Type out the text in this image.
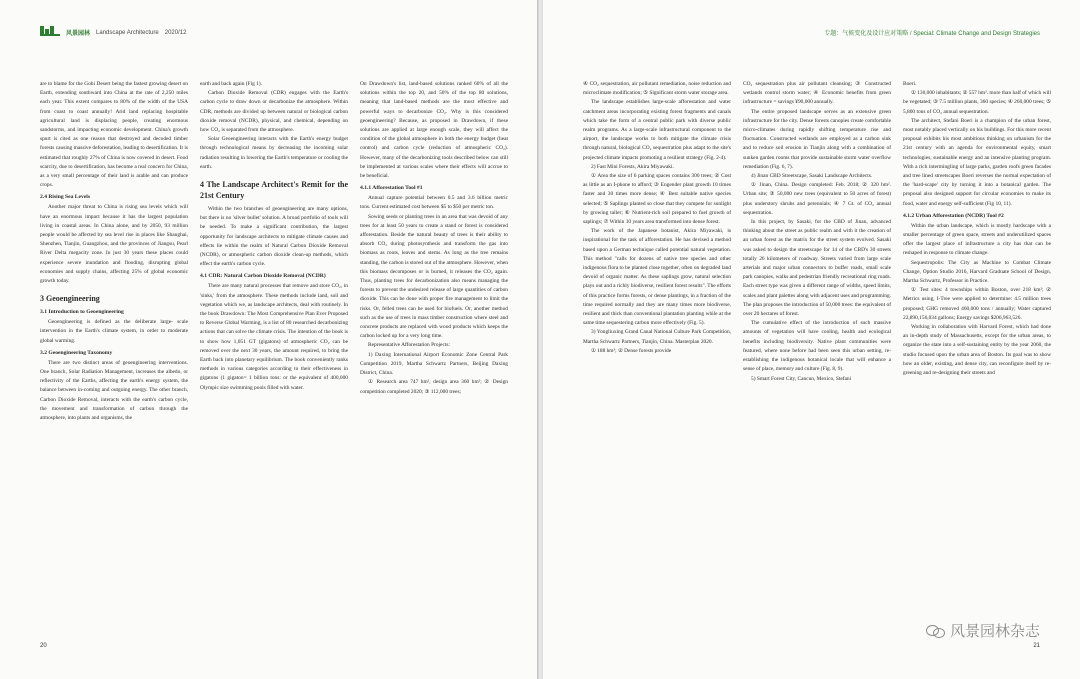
风景园林 Landscape Architecture 2020/12

are to blame for the Gobi Desert being the fastest growing desert on Earth, extending southward into China at the rate of 2,250 miles each year. This extent compares to 80% of the width of the USA from coast to coast annually! Arid land replacing hospitable agricultural land is displacing people, creating enormous sandstorms, and impacting economic development. China's growth spurt is cited as one reason that destroyed and decoded timber forests causing massive deforestation, leading to desertification. It is estimated that roughly 27% of China is now covered in desert. Food scarcity, due to desertification, has become a real concern for China, as a very small percentage of their land is arable and can produce crops.

2.4 Rising Sea Levels

Another major threat to China is rising sea levels which will have an enormous impact because it has the largest population living in coastal areas. In China alone, and by 2050, 93 million people would be affected by sea level rise in places like Shanghai, Shenzhen, Tianjin, Guangzhou, and the provinces of Jiangsu, Pearl River Delta megacity zone. In just 30 years these places could experience severe inundation and flooding, disrupting global economies and supply chains, affecting 25% of global economic growth today.

3 Geoengineering
3.1 Introduction to Geoengineering

Geoengineering is defined as the deliberate large- scale intervention in the Earth's climate system, in order to moderate global warming.

3.2 Geoengineering Taxonomy

There are two distinct areas of geoengineering interventions. One branch, Solar Radiation Management, increases the albedo, or reflectivity of the Earths, affecting the earth's energy system, the balance between in-coming and outgoing energy. The other branch, Carbon Dioxide Removal, interacts with the earth's carbon cycle, the movement and transformation of carbon through the atmosphere, into plants and organisms, the

earth and back again (Fig 1).

Carbon Dioxide Removal (CDR) engages with the Earth's carbon cycle to draw down or decarbonize the atmosphere. Within CDR, methods are divided up between natural or biological carbon dioxide removal (NCDR), physical, and chemical, depending on how CO₂ is separated from the atmosphere.

Solar Geoengineering interacts with the Earth's energy budget through technological means by decreasing the incoming solar radiation resulting in lowering the Earth's temperature or cooling the earth.

4 The Landscape Architect's Remit for the 21st Century

Within the two branches of geoengineering are many options, but there is no 'silver bullet' solution. A broad portfolio of tools will be needed. To make a significant contribution, the largest opportunity for landscape architects to mitigate climate causes and effects lie within the realm of Natural Carbon Dioxide Removal (NCDR), or atmospheric carbon dioxide clean-up methods, which effect the earth's carbon cycle.

4.1 CDR: Natural Carbon Dioxide Removal (NCDR)

There are many natural processes that remove and store CO₂, in 'sinks,' from the atmosphere. These methods include land, soil and vegetation which we, as landscape architects, deal with routinely. In the book Drawdown: The Most Comprehensive Plan Ever Proposed to Reverse Global Warming, is a list of 80 researched decarbonizing actions that can solve the climate crisis. The intention of the book is to show how 1,051 GT (gigatons) of atmospheric CO₂ can be removed over the next 30 years, the amount required, to bring the Earth back into planetary equilibrium. The book conveniently ranks methods in various categories according to their effectiveness in gigatons (1 gigaton= 1 billion tons: or the equivalent of 400,000 Olympic size swimming pools filled with water.

On Drawdown's list, land-based solutions ranked 60% of all the solutions within the top 20, and 50% of the top 80 solutions, meaning that land-based methods are the most effective and powerful ways to decarbonize CO₂. Why is this considered geoengineering? Because, as proposed in Drawdown, if these solutions are applied at large enough scale, they will affect the condition of the global atmosphere in both the energy budget (heat control) and carbon cycle (reduction of atmospheric CO₂). However, many of the decarbonizing tools described below can still be implemented at various scales where their effects will accrue to be beneficial.

4.1.1 Afforestation Tool #1

Annual capture potential between 0.5 and 3.6 billion metric tons. Current estimated cost between $5 to $50 per metric ton.

Sowing seeds or planting trees in an area that was devoid of any trees for at least 50 years to create a stand or forest is considered afforestation. Beside the natural beauty of trees is their ability to absorb CO₂ during photosynthesis and transform the gas into biomass as roots, leaves and stems. As long as the tree remains standing, the carbon is stored out of the atmosphere. However, when this biomass decomposes or is burned, it releases the CO₂ again. Thus, planting trees for decarbonization also means managing the forests to prevent the undesired release of large quantities of carbon dioxide. This can be done with proper fire management to limit the risks. Or, felled trees can be used for biofuels. Or, another method such as the use of trees in mass timber construction where steel and concrete products are replaced with wood products which keeps the carbon locked up for a very long time.

Representative Afforestation Projects:

1) Daxing International Airport Economic Zone Central Park Competition 2019, Martha Schwartz Partners, Beijing Daxing District, China.

① Research area 747 hm², design area 360 hm²; ② Design competition completed 2020; ③ 112,000 trees;

20
专题：气候变化及设计应对策略 / Special: Climate Change and Design Strategies

④ CO₂ sequestration, air pollutant remediation, noise reduction and microclimate modification; ⑤ Significant storm water storage area.

The landscape establishes large-scale afforestation and water catchment areas incorporating existing forest fragments and canals which take the form of a central public park with diverse public realm programs. As a large-scale infrastructural component to the airport, the landscape works to both mitigate the climate crisis through natural, biological CO₂ sequestration plus adapt to the site's projected climate impacts promoting a resilient strategy (Fig. 2-4).

2) Fast Mini Forests, Akira Miyawaki.

① Area the size of 6 parking spaces contains 300 trees; ② Cost as little as an I-phone to afford; ③ Engender plant growth 10 times faster and 30 times more dense; ④ Best suitable native species selected; ⑤ Saplings planted so close that they compete for sunlight by growing taller; ⑥ Nutrient-rich soil prepared to fuel growth of saplings; ⑦ Within 10 years area transformed into dense forest.

The work of the Japanese botanist, Akira Miyawaki, is inspirational for the task of afforestation. He has devised a method based upon a German technique called potential natural vegetation. This method "calls for dozens of native tree species and other indigenous flora to be planted close together, often on degraded land devoid of organic matter. As these saplings grow, natural selection plays out and a richly biodiverse, resilient forest results". The efforts of this practice forms forests, or dense plantings, in a fraction of the time required normally and they are many times more biodiverse, resilient and thick than conventional plantation planting while at the same time sequestering carbon more effectively (Fig. 5).

3) Yongliuxing Grand Canal National Culture Park Competition, Martha Schwartz Partners, Tianjin, China. Masterplan 2020.

① 188 hm²; ② Dense forests provide

CO₂ sequestration plus air pollutant cleansing; ③ Constructed wetlands control storm water; ④ Economic benefits from green infrastructure = savings ¥90,000 annually.

The entire proposed landscape serves as an extensive green infrastructure for the city. Dense forests canopies create comfortable micro-climates during rapidly shifting temperature rise and fluctuation. Constructed wetlands are employed as a carbon sink and to reduce soil erosion in Tianjin along with a combination of sunken garden rooms that provide sustainable storm water overflow remediation (Fig. 6, 7).

4) Jinan CBD Streetscape, Sasaki Landscape Architects.

① Jinan, China. Design completed: Feb. 2018; ② 320 hm². Urban site; ③ 50,000 new trees (equivalent to 50 acres of forest) plus understory shrubs and perennials; ④ 7 Gt. of CO₂ annual sequestration.

In this project, by Sasaki, for the CBD of Jinan, advanced thinking about the street as public realm and with it the creation of an urban forest as the matrix for the street system evolved. Sasaki was asked to design the streetscape for 14 of the CBD's 30 streets totally 26 kilometers of roadway. Streets varied from large scale arterials and major urban connectors to buffer roads, small scale park canopies, walks and pedestrian friendly recreational ring roads. Each street type was given a different range of widths, speed limits, scales and plant palettes along with adjacent uses and programming. The plan proposes the introduction of 50,000 trees: the equivalent of over 20 hectares of forest.

The cumulative effect of the introduction of such massive amounts of vegetation will have cooling, health and ecological benefits including biodiversity. Native plant communities were featured, where none before had been seen this urban setting, re-establishing the indigenous botanical locale that will enhance a sense of place, memory and culture (Fig. 8, 9).

5) Smart Forest City, Cancun, Mexico, Stefani

Boeri.

① 130,000 inhabitants; ② 557 hm². more than half of which will be vegetated; ③ 7.5 million plants, 360 species; ④ 260,000 trees; ⑤ 5,800 tons of CO₂ annual sequestration.

The architect, Stefani Boeri is a champion of the urban forest, most notably placed vertically on his buildings. For this more recent proposal exhibits his most ambitious thinking on urbanism for the 21st century with an agenda for environmental equity, smart technologies, sustainable energy and an intensive planting program. With a rich intermingling of large parks, garden roofs green facades and tree lined streetscapes Boeri reverses the normal expectation of the 'hard-scape' city by turning it into a botanical garden. The proposal also designed support for circular economies to make its food, water and energy self-sufficient (Fig 10, 11).

4.1.2 Urban Afforestation (NCDR) Tool #2

Within the urban landscape, which is mostly hardscape with a smaller percentage of green space, streets and underutilized spaces offer the largest place of infrastructure a city has that can be reshaped in response to climate change.

Sequestropolis: The City as Machine to Combat Climate Change, Option Studio 2016, Harvard Graduate School of Design, Martha Schwartz, Professor in Practice.

① Test sites: 4 townships within Boston, over 218 km²; ② Metrics using, I-Tree were applied to determine: 4.5 million trees proposed; GHG removed 460,000 tons / annually; Water captured 22,890,156,034 gallons; Energy savings $206,963,526.

Working in collaboration with Harvard Forest, which had done an in-depth study of Massachusetts, except for the urban areas, to organize the state into a self-sustaining entity by the year 2060, the studio focused upon the urban area of Boston. Its goal was to show how an older, existing, and dense city, can reconfigure itself by re-greening and re-designing their streets and

风景园林杂志
21
